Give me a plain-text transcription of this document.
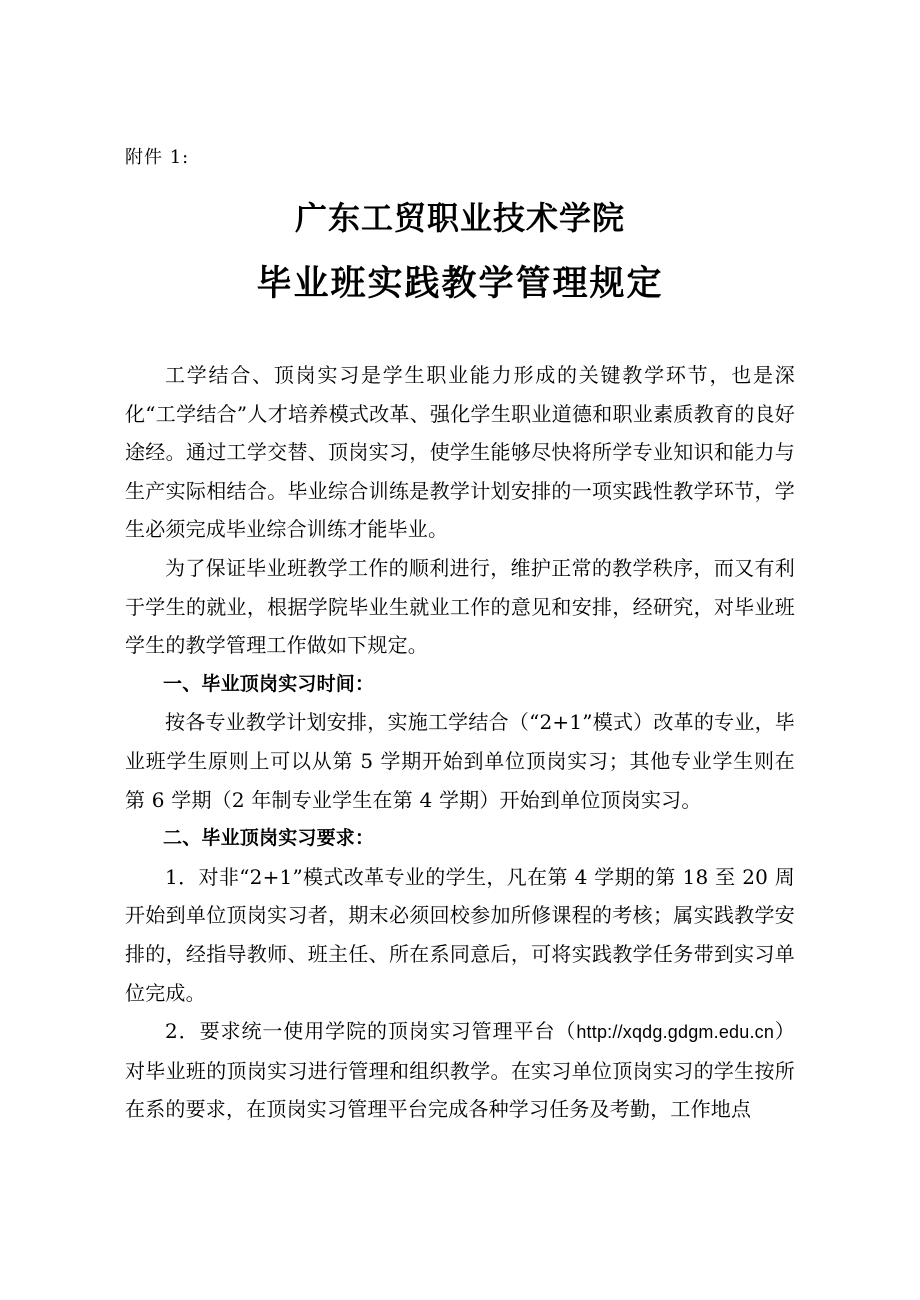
附件 1:

广东工贸职业技术学院
毕业班实践教学管理规定

工学结合、顶岗实习是学生职业能力形成的关键教学环节，也是深化“工学结合”人才培养模式改革、强化学生职业道德和职业素质教育的良好途经。通过工学交替、顶岗实习，使学生能够尽快将所学专业知识和能力与生产实际相结合。毕业综合训练是教学计划安排的一项实践性教学环节，学生必须完成毕业综合训练才能毕业。

为了保证毕业班教学工作的顺利进行，维护正常的教学秩序，而又有利于学生的就业，根据学院毕业生就业工作的意见和安排，经研究，对毕业班学生的教学管理工作做如下规定。

一、毕业顶岗实习时间：

按各专业教学计划安排，实施工学结合（“2+1”模式）改革的专业，毕业班学生原则上可以从第 5 学期开始到单位顶岗实习；其他专业学生则在第 6 学期（2 年制专业学生在第 4 学期）开始到单位顶岗实习。

二、毕业顶岗实习要求：

1．对非“2+1”模式改革专业的学生，凡在第 4 学期的第 18 至 20 周开始到单位顶岗实习者，期末必须回校参加所修课程的考核；属实践教学安排的，经指导教师、班主任、所在系同意后，可将实践教学任务带到实习单位完成。

2．要求统一使用学院的顶岗实习管理平台（http://xqdg.gdgm.edu.cn）对毕业班的顶岗实习进行管理和组织教学。在实习单位顶岗实习的学生按所在系的要求，在顶岗实习管理平台完成各种学习任务及考勤，工作地点
